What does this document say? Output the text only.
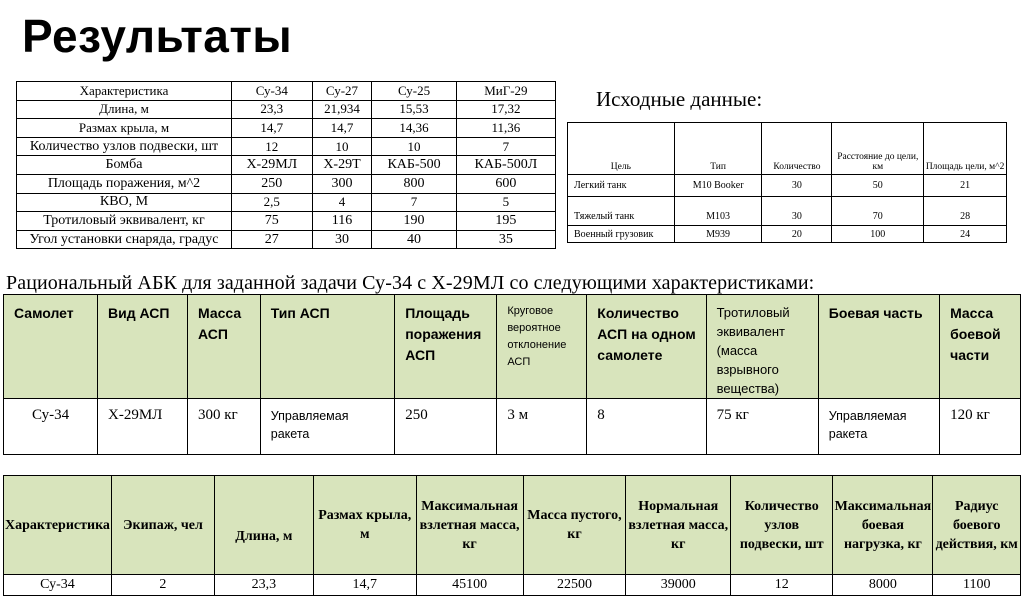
Результаты
Характеристика	Су-34	Су-27	Су-25	МиГ-29
Длина, м	23,3	21,934	15,53	17,32
Размах крыла, м	14,7	14,7	14,36	11,36
Количество узлов подвески, шт	12	10	10	7
Бомба	Х-29МЛ	Х-29Т	КАБ-500	КАБ-500Л
Площадь поражения, м^2	250	300	800	600
КВО, М	2,5	4	7	5
Тротиловый эквивалент, кг	75	116	190	195
Угол установки снаряда, градус	27	30	40	35
Исходные данные:
Цель	Тип	Количество	Расстояние до цели, км	Площадь цели, м^2
Легкий танк	М10 Booker	30	50	21
Тяжелый танк	М103	30	70	28
Военный грузовик	М939	20	100	24
Рациональный АБК для заданной задачи Су-34 с Х-29МЛ со следующими характеристиками:
Самолет	Вид АСП	Масса АСП	Тип АСП	Площадь поражения АСП	Круговое вероятное отклонение АСП	Количество АСП на одном самолете	Тротиловый эквивалент (масса взрывного вещества)	Боевая часть	Масса боевой части
Су-34	Х-29МЛ	300 кг	Управляемая ракета	250	3 м	8	75 кг	Управляемая ракета	120 кг
Характеристика	Экипаж, чел	Длина, м	Размах крыла, м	Максимальная взлетная масса, кг	Масса пустого, кг	Нормальная взлетная масса, кг	Количество узлов подвески, шт	Максимальная боевая нагрузка, кг	Радиус боевого действия, км
Су-34	2	23,3	14,7	45100	22500	39000	12	8000	1100
